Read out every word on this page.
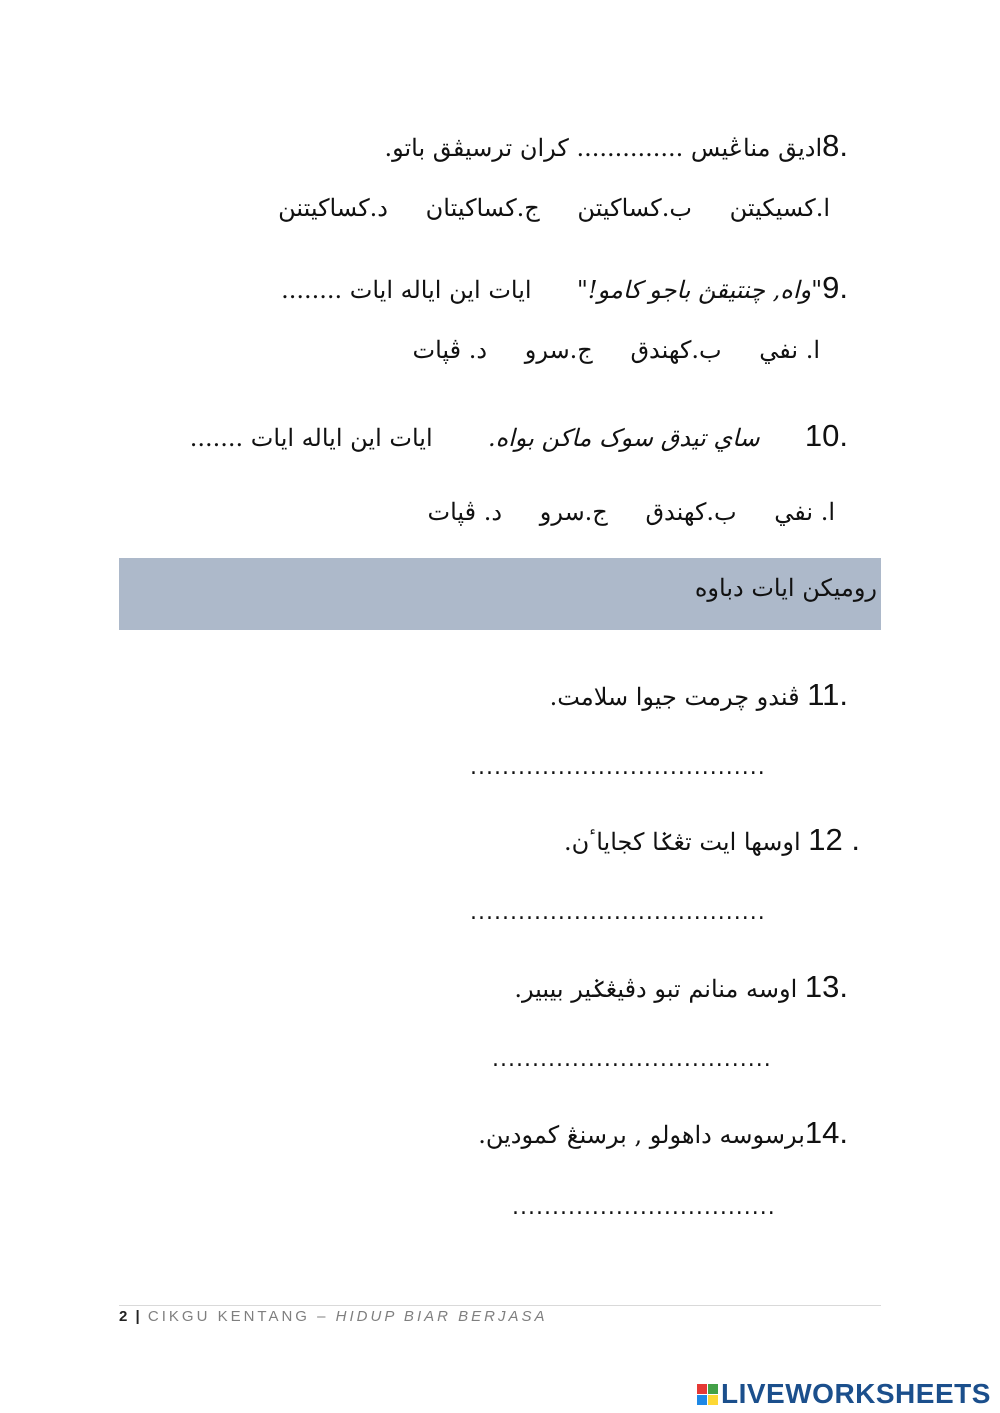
8.اديق مناڠيس .............. كران ترسيڤق باتو.
ا.كسيكيتن ب.كساكيتن ج.كساكيتان د.كساكيتنن
9."واه, چنتيقڽ باجو كامو!"  ايات اين اياله ايات ........
ا. نفي ب.كهندق ج.سرو د. ڤپات
10.  ساي تيدق سوک ماكن بواه.  ايات اين اياله ايات .......
ا. نفي ب.كهندق ج.سرو د. ڤپات
روميكن ايات دباوه
11. ڤندو چرمت جيوا سلامت.
.....................................
12 . اوسها ايت تڠݢا كجاياٴن.
.....................................
13. اوسه منانم تبو دڤيڠݢير بيبير.
...................................
14.برسوسه داهولو , برسنڠ كمودين.
.................................
2 | CIKGU KENTANG – HIDUP BIAR BERJASA
LIVEWORKSHEETS
